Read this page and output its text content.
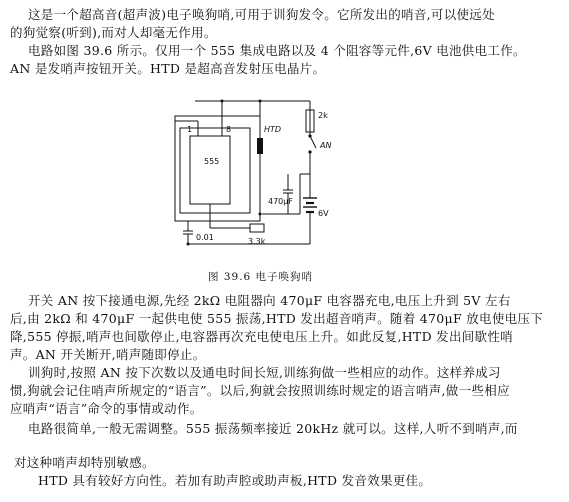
这是一个超高音(超声波)电子唤狗哨,可用于训狗发令。它所发出的哨音,可以使远处
的狗觉察(听到),而对人却毫无作用。
电路如图 39.6 所示。仅用一个 555 集成电路以及 4 个阻容等元件,6V 电池供电工作。
AN 是发哨声按钮开关。HTD 是超高音发射压电晶片。
555
1	8	HTD
AN
2k
470μF
3.3k
0.01
6V
图 39.6 电子唤狗哨
开关 AN 按下接通电源,先经 2kΩ 电阻器向 470μF 电容器充电,电压上升到 5V 左右
后,由 2kΩ 和 470μF 一起供电使 555 振荡,HTD 发出超音哨声。随着 470μF 放电使电压下
降,555 停振,哨声也间歇停止,电容器再次充电使电压上升。如此反复,HTD 发出间歇性哨
声。AN 开关断开,哨声随即停止。
训狗时,按照 AN 按下次数以及通电时间长短,训练狗做一些相应的动作。这样养成习
惯,狗就会记住哨声所规定的“语言”。以后,狗就会按照训练时规定的语言哨声,做一些相应
应哨声“语言”命令的事情或动作。
电路很简单,一般无需调整。555 振荡频率接近 20kHz 就可以。这样,人听不到哨声,而
对这种哨声却特别敏感。
HTD 具有较好方向性。若加有助声腔或助声板,HTD 发音效果更佳。
